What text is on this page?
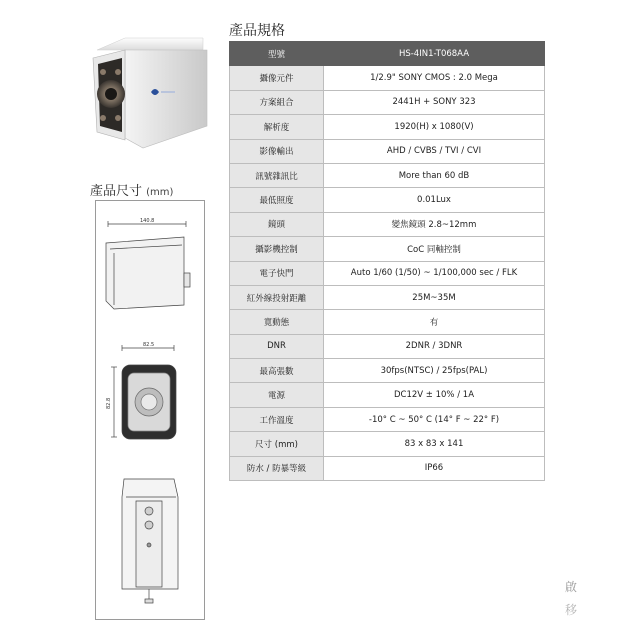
產品尺寸 (mm)
140.8
82.5
82.8
產品規格
型號	HS-4IN1-T068AA
攝像元件	1/2.9" SONY CMOS : 2.0 Mega
方案組合	2441H + SONY 323
解析度	1920(H) x 1080(V)
影像輸出	AHD / CVBS / TVI / CVI
訊號雜訊比	More than 60 dB
最低照度	0.01Lux
鏡頭	變焦鏡頭 2.8~12mm
攝影機控制	CoC 同軸控制
電子快門	Auto 1/60 (1/50) ~ 1/100,000 sec / FLK
紅外線投射距離	25M~35M
寬動態	有
DNR	2DNR / 3DNR
最高張數	30fps(NTSC) / 25fps(PAL)
電源	DC12V ± 10% / 1A
工作溫度	-10° C ~ 50° C (14° F ~ 22° F)
尺寸 (mm)	83 x 83 x 141
防水 / 防暴等級	IP66
啟
移
